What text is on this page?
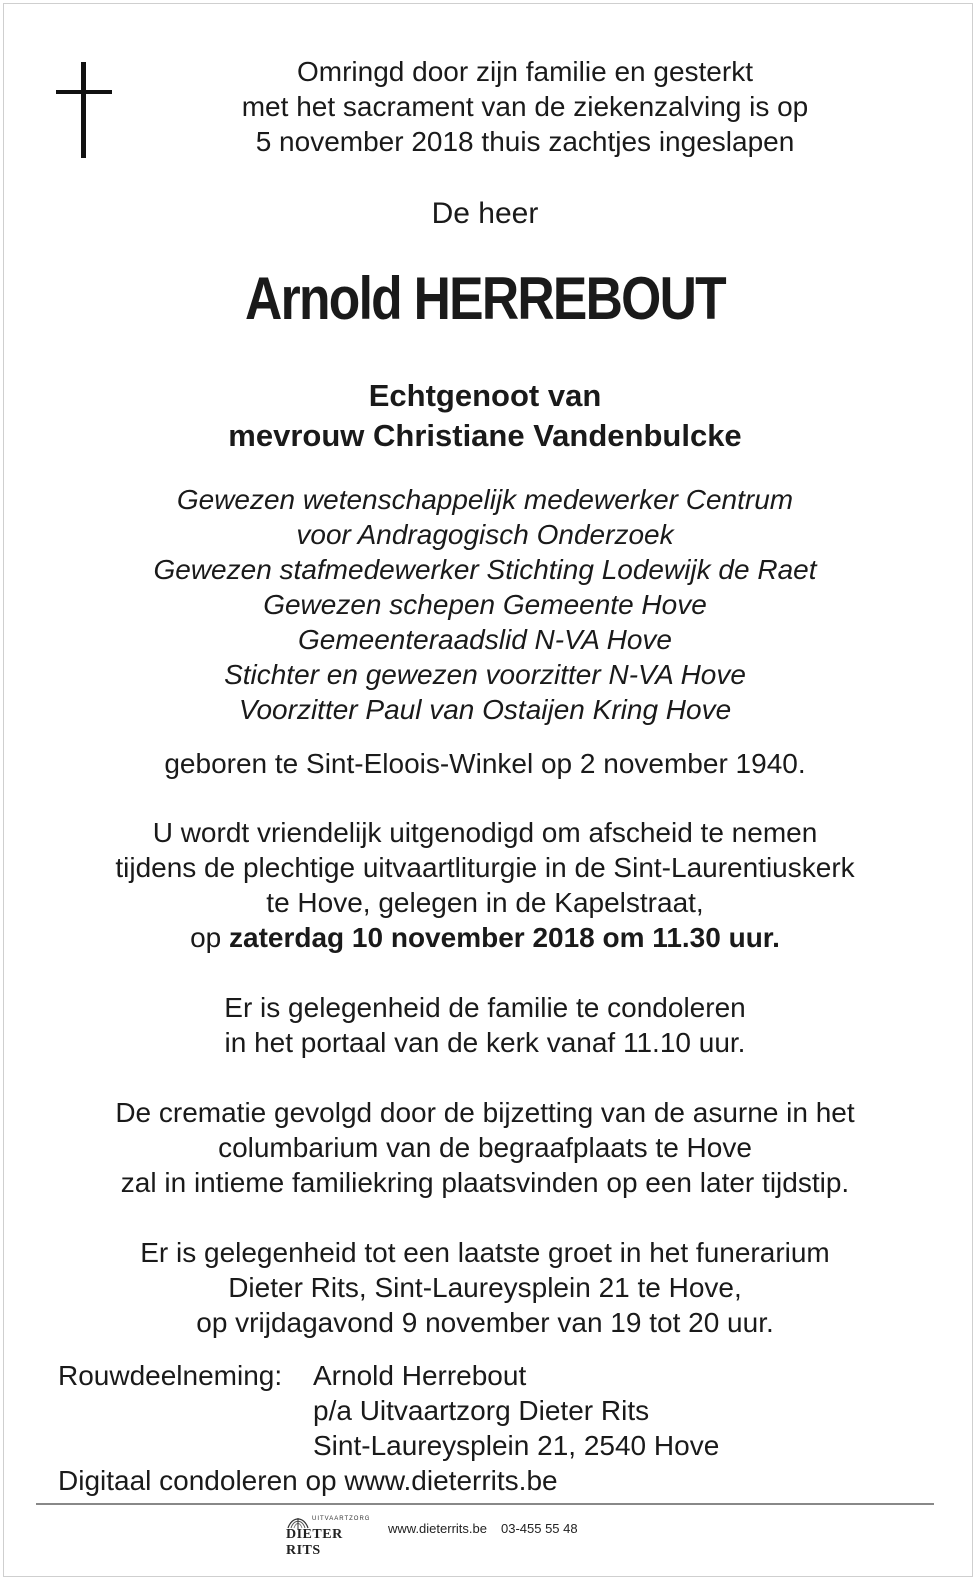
Omringd door zijn familie en gesterkt
met het sacrament van de ziekenzalving is op
5 november 2018 thuis zachtjes ingeslapen
De heer
Arnold HERREBOUT
Echtgenoot van
mevrouw Christiane Vandenbulcke
Gewezen wetenschappelijk medewerker Centrum
voor Andragogisch Onderzoek
Gewezen stafmedewerker Stichting Lodewijk de Raet
Gewezen schepen Gemeente Hove
Gemeenteraadslid N-VA Hove
Stichter en gewezen voorzitter N-VA Hove
Voorzitter Paul van Ostaijen Kring Hove
geboren te Sint-Eloois-Winkel op 2 november 1940.
U wordt vriendelijk uitgenodigd om afscheid te nemen
tijdens de plechtige uitvaartliturgie in de Sint-Laurentiuskerk
te Hove, gelegen in de Kapelstraat,
op zaterdag 10 november 2018 om 11.30 uur.
Er is gelegenheid de familie te condoleren
in het portaal van de kerk vanaf 11.10 uur.
De crematie gevolgd door de bijzetting van de asurne in het
columbarium van de begraafplaats te Hove
zal in intieme familiekring plaatsvinden op een later tijdstip.
Er is gelegenheid tot een laatste groet in het funerarium
Dieter Rits, Sint-Laureysplein 21 te Hove,
op vrijdagavond 9 november van 19 tot 20 uur.
Rouwdeelneming:	Arnold Herrebout
p/a Uitvaartzorg Dieter Rits
Sint-Laureysplein 21, 2540 Hove
Digitaal condoleren op www.dieterrits.be
UITVAARTZORG
DIETER RITS
www.dieterrits.be 03-455 55 48
